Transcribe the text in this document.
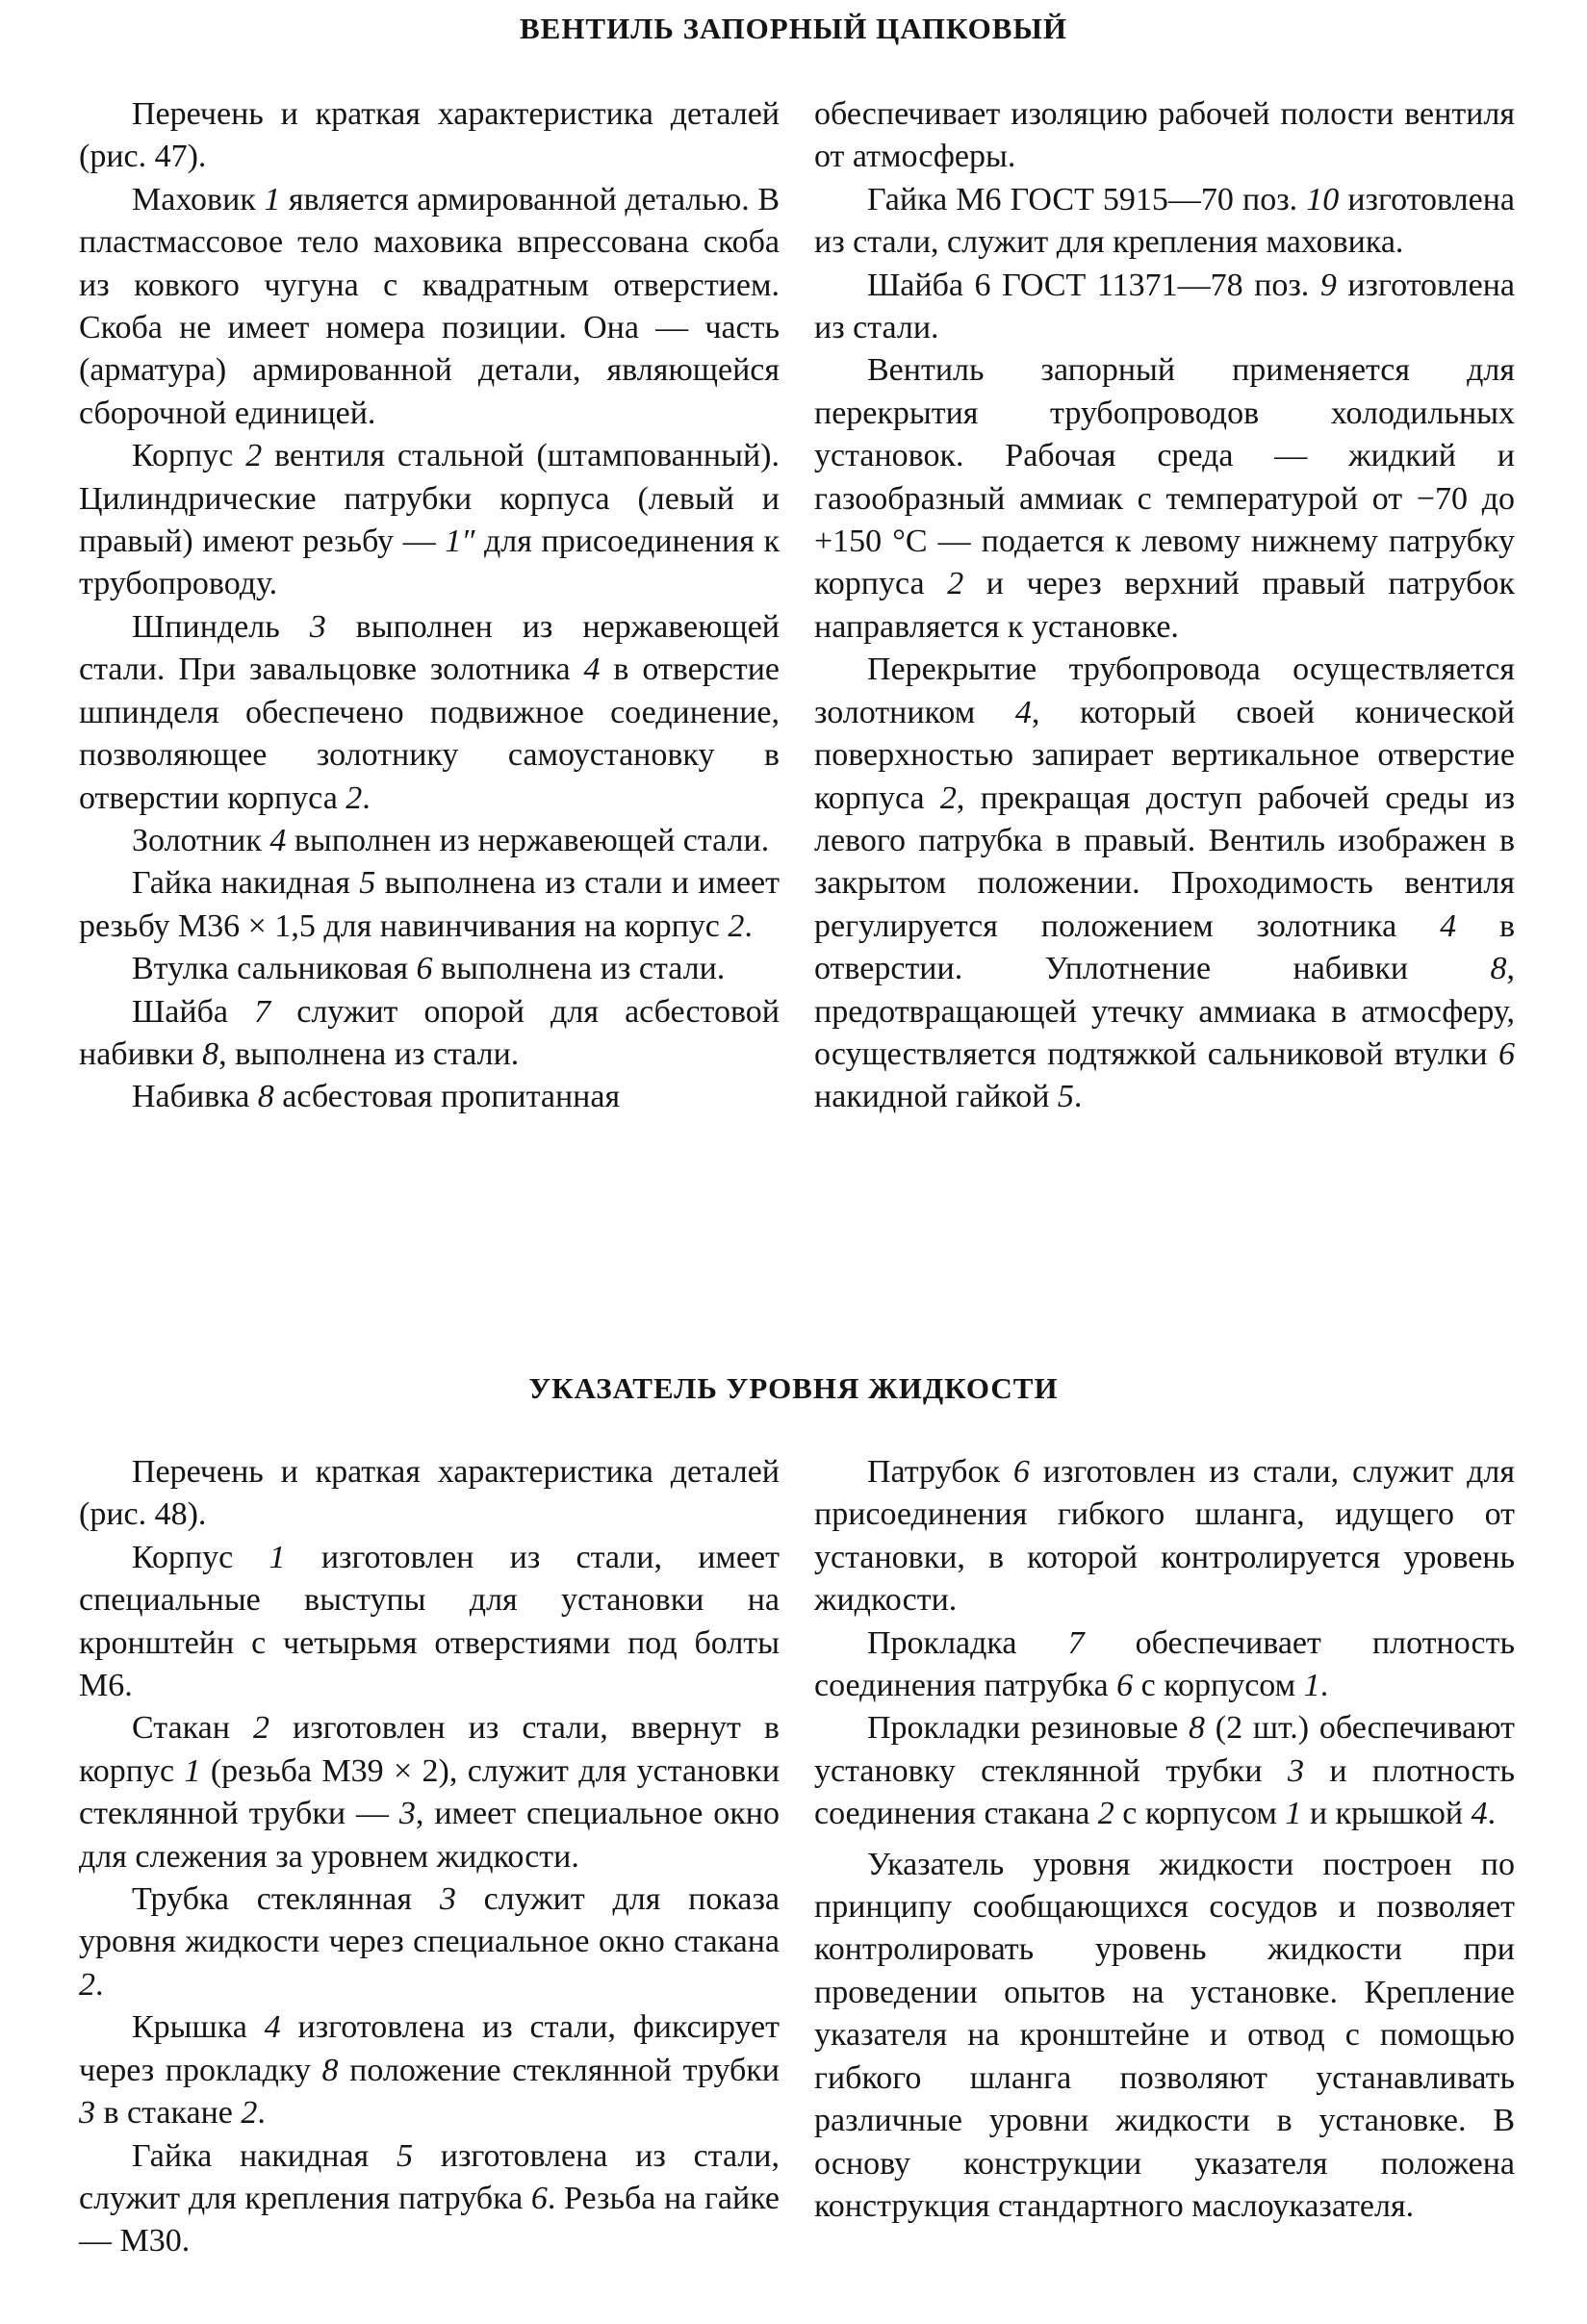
ВЕНТИЛЬ ЗАПОРНЫЙ ЦАПКОВЫЙ

Перечень и краткая характеристика деталей (рис. 47).

Маховик 1 является армированной деталью. В пластмассовое тело маховика впрессована скоба из ковкого чугуна с квадратным отверстием. Скоба не имеет номера позиции. Она — часть (арматура) армированной детали, являющейся сборочной единицей.

Корпус 2 вентиля стальной (штампованный). Цилиндрические патрубки корпуса (левый и правый) имеют резьбу — 1″ для присоединения к трубопроводу.

Шпиндель 3 выполнен из нержавеющей стали. При завальцовке золотника 4 в отверстие шпинделя обеспечено подвижное соединение, позволяющее золотнику самоустановку в отверстии корпуса 2.

Золотник 4 выполнен из нержавеющей стали.

Гайка накидная 5 выполнена из стали и имеет резьбу М36 × 1,5 для навинчивания на корпус 2.

Втулка сальниковая 6 выполнена из стали.

Шайба 7 служит опорой для асбестовой набивки 8, выполнена из стали.

Набивка 8 асбестовая пропитанная

обеспечивает изоляцию рабочей полости вентиля от атмосферы.

Гайка М6 ГОСТ 5915—70 поз. 10 изготовлена из стали, служит для крепления маховика.

Шайба 6 ГОСТ 11371—78 поз. 9 изготовлена из стали.

Вентиль запорный применяется для перекрытия трубопроводов холодильных установок. Рабочая среда — жидкий и газообразный аммиак с температурой от −70 до +150 °С — подается к левому нижнему патрубку корпуса 2 и через верхний правый патрубок направляется к установке.

Перекрытие трубопровода осуществляется золотником 4, который своей конической поверхностью запирает вертикальное отверстие корпуса 2, прекращая доступ рабочей среды из левого патрубка в правый. Вентиль изображен в закрытом положении. Проходимость вентиля регулируется положением золотника 4 в отверстии. Уплотнение набивки 8, предотвращающей утечку аммиака в атмосферу, осуществляется подтяжкой сальниковой втулки 6 накидной гайкой 5.

УКАЗАТЕЛЬ УРОВНЯ ЖИДКОСТИ

Перечень и краткая характеристика деталей (рис. 48).

Корпус 1 изготовлен из стали, имеет специальные выступы для установки на кронштейн с четырьмя отверстиями под болты М6.

Стакан 2 изготовлен из стали, ввернут в корпус 1 (резьба М39 × 2), служит для установки стеклянной трубки — 3, имеет специальное окно для слежения за уровнем жидкости.

Трубка стеклянная 3 служит для показа уровня жидкости через специальное окно стакана 2.

Крышка 4 изготовлена из стали, фиксирует через прокладку 8 положение стеклянной трубки 3 в стакане 2.

Гайка накидная 5 изготовлена из стали, служит для крепления патрубка 6. Резьба на гайке — М30.

Патрубок 6 изготовлен из стали, служит для присоединения гибкого шланга, идущего от установки, в которой контролируется уровень жидкости.

Прокладка 7 обеспечивает плотность соединения патрубка 6 с корпусом 1.

Прокладки резиновые 8 (2 шт.) обеспечивают установку стеклянной трубки 3 и плотность соединения стакана 2 с корпусом 1 и крышкой 4.

Указатель уровня жидкости построен по принципу сообщающихся сосудов и позволяет контролировать уровень жидкости при проведении опытов на установке. Крепление указателя на кронштейне и отвод с помощью гибкого шланга позволяют устанавливать различные уровни жидкости в установке. В основу конструкции указателя положена конструкция стандартного маслоуказателя.
